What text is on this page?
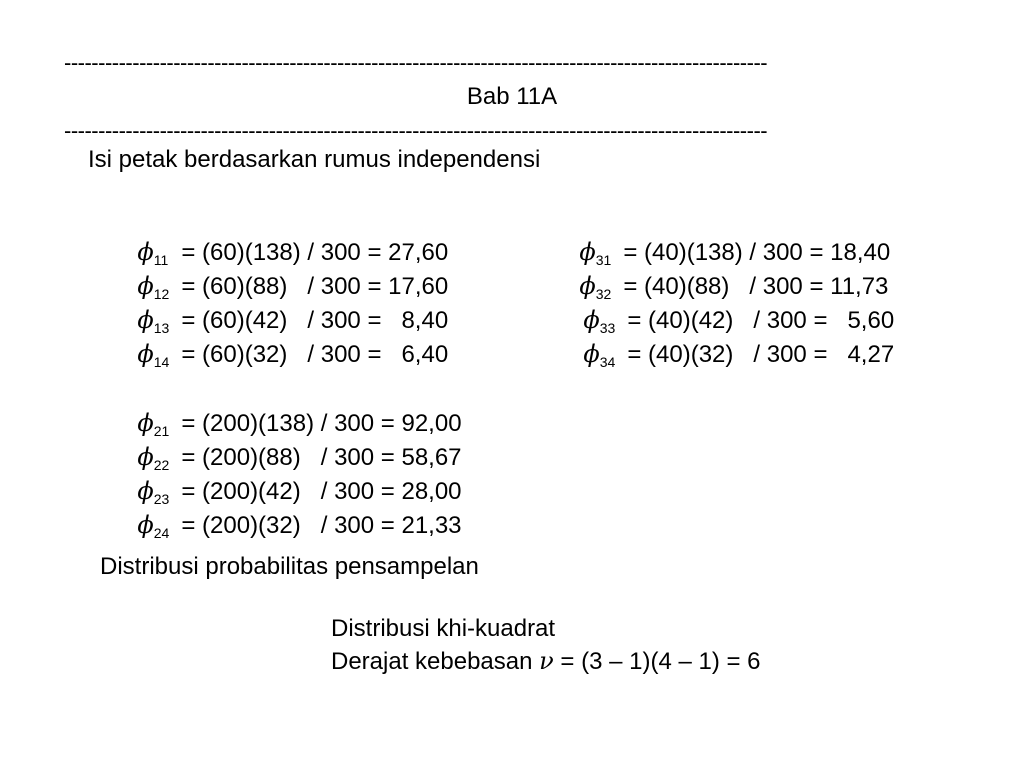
-------------------------------------------------------------------------------------------------------
Bab 11A
-------------------------------------------------------------------------------------------------------
Isi petak berdasarkan rumus independensi

$\phi_{11} = (60)(138) / 300 = 27,60$

$\phi_{12} = (60)(88) / 300 = 17,60$

$\phi_{13} = (60)(42) / 300 = 8,40$

$\phi_{14} = (60)(32) / 300 = 6,40$

$\phi_{31} = (40)(138) / 300 = 18,40$

$\phi_{32} = (40)(88) / 300 = 11,73$

$\phi_{33} = (40)(42) / 300 = 5,60$

$\phi_{34} = (40)(32) / 300 = 4,27$

$\phi_{21} = (200)(138) / 300 = 92,00$

$\phi_{22} = (200)(88) / 300 = 58,67$

$\phi_{23} = (200)(42) / 300 = 28,00$

$\phi_{24} = (200)(32) / 300 = 21,33$

Distribusi probabilitas pensampelan
Distribusi khi-kuadrat
Derajat kebebasan ν = (3 – 1)(4 – 1) = 6
